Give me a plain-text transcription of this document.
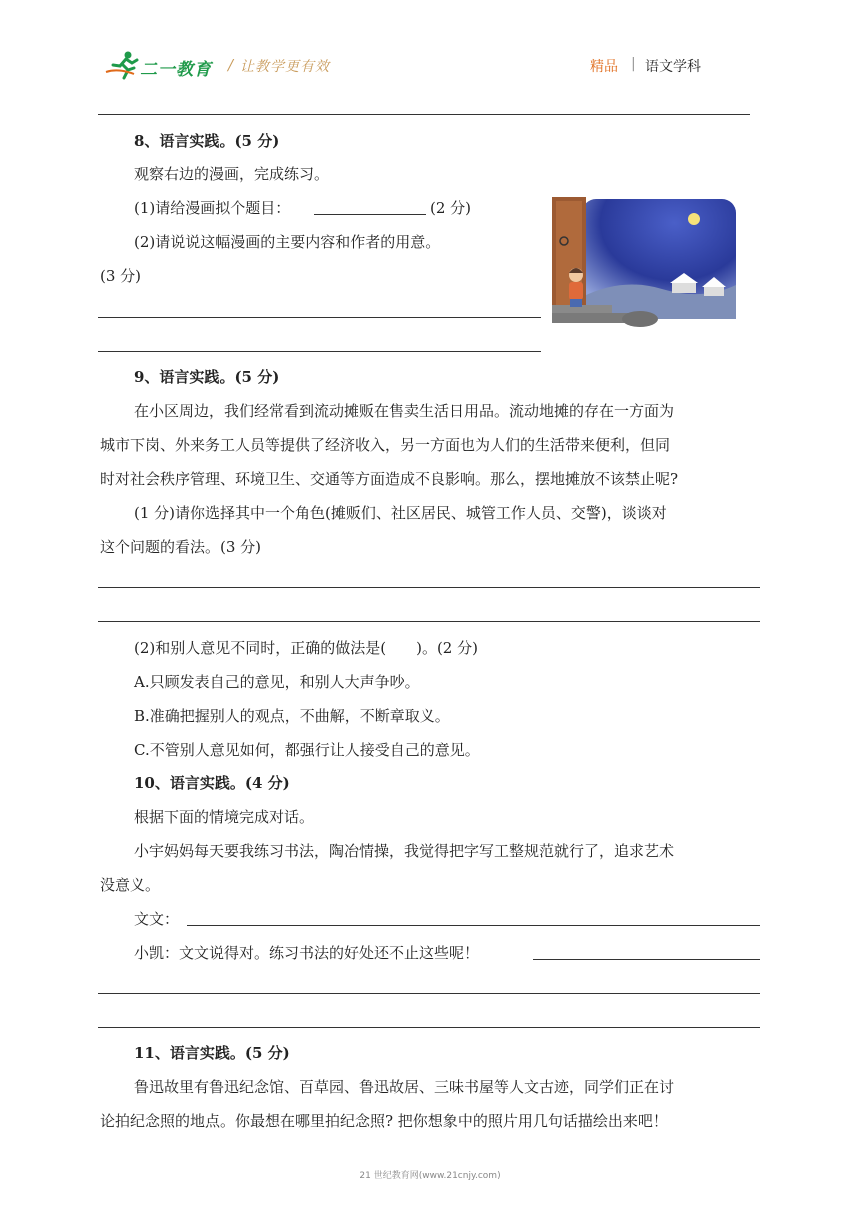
二一教育 / 让教学更有效	精品 | 语文学科
8、语言实践。(5 分)
观察右边的漫画，完成练习。
(1)请给漫画拟个题目：	(2 分)
(2)请说说这幅漫画的主要内容和作者的用意。
(3 分)
9、语言实践。(5 分)
在小区周边，我们经常看到流动摊贩在售卖生活日用品。流动地摊的存在一方面为
城市下岗、外来务工人员等提供了经济收入，另一方面也为人们的生活带来便利，但同
时对社会秩序管理、环境卫生、交通等方面造成不良影响。那么，摆地摊放不该禁止呢?
(1 分)请你选择其中一个角色(摊贩们、社区居民、城管工作人员、交警)，谈谈对
这个问题的看法。(3 分)
(2)和别人意见不同时，正确的做法是(　　)。(2 分)
A.只顾发表自己的意见，和别人大声争吵。
B.准确把握别人的观点，不曲解，不断章取义。
C.不管别人意见如何，都强行让人接受自己的意见。
10、语言实践。(4 分)
根据下面的情境完成对话。
小宇妈妈每天要我练习书法，陶冶情操，我觉得把字写工整规范就行了，追求艺术
没意义。
文文：
小凯：文文说得对。练习书法的好处还不止这些呢！
11、语言实践。(5 分)
鲁迅故里有鲁迅纪念馆、百草园、鲁迅故居、三味书屋等人文古迹，同学们正在讨
论拍纪念照的地点。你最想在哪里拍纪念照? 把你想象中的照片用几句话描绘出来吧！
21 世纪教育网(www.21cnjy.com)
